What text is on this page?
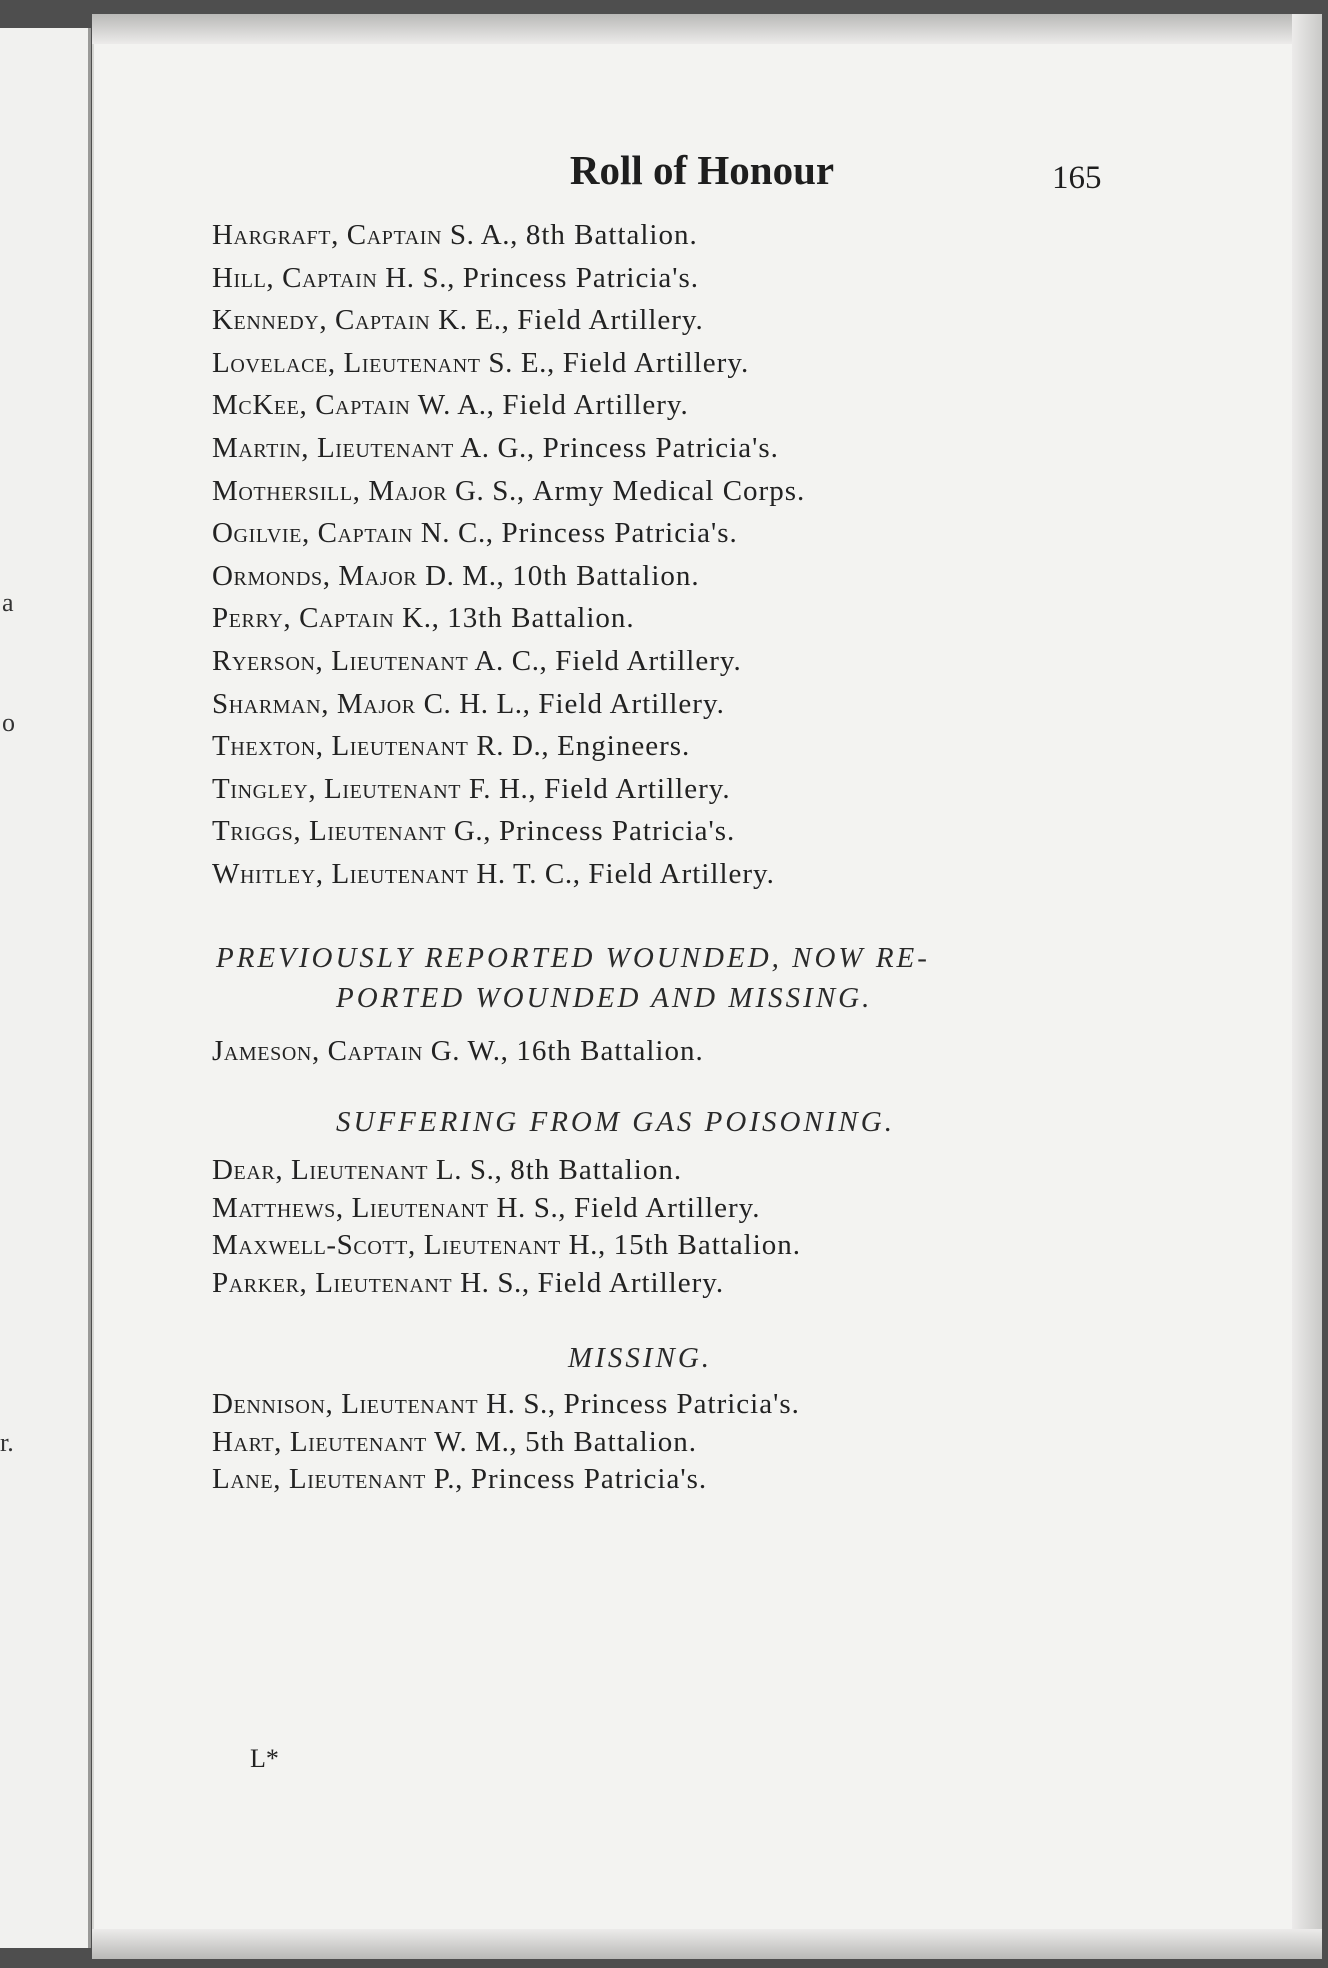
a
o
r.
Roll of Honour	165
Hargraft, Captain S. A., 8th Battalion.
Hill, Captain H. S., Princess Patricia's.
Kennedy, Captain K. E., Field Artillery.
Lovelace, Lieutenant S. E., Field Artillery.
McKee, Captain W. A., Field Artillery.
Martin, Lieutenant A. G., Princess Patricia's.
Mothersill, Major G. S., Army Medical Corps.
Ogilvie, Captain N. C., Princess Patricia's.
Ormonds, Major D. M., 10th Battalion.
Perry, Captain K., 13th Battalion.
Ryerson, Lieutenant A. C., Field Artillery.
Sharman, Major C. H. L., Field Artillery.
Thexton, Lieutenant R. D., Engineers.
Tingley, Lieutenant F. H., Field Artillery.
Triggs, Lieutenant G., Princess Patricia's.
Whitley, Lieutenant H. T. C., Field Artillery.
PREVIOUSLY REPORTED WOUNDED, NOW RE-
PORTED WOUNDED AND MISSING.
Jameson, Captain G. W., 16th Battalion.
SUFFERING FROM GAS POISONING.
Dear, Lieutenant L. S., 8th Battalion.
Matthews, Lieutenant H. S., Field Artillery.
Maxwell-Scott, Lieutenant H., 15th Battalion.
Parker, Lieutenant H. S., Field Artillery.
MISSING.
Dennison, Lieutenant H. S., Princess Patricia's.
Hart, Lieutenant W. M., 5th Battalion.
Lane, Lieutenant P., Princess Patricia's.
L*
